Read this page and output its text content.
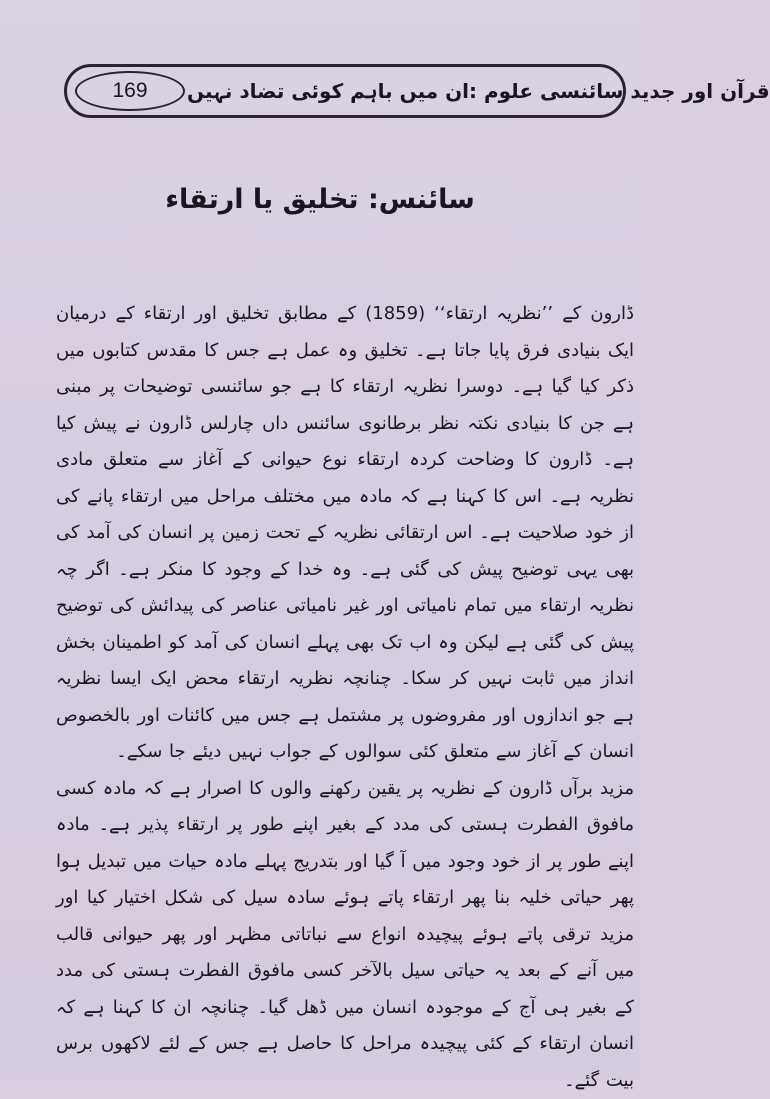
169	قرآن اور جدید سائنسی علوم :ان میں باہم کوئی تضاد نہیں
سائنس: تخلیق یا ارتقاء

ڈارون کے ’’نظریہ ارتقاء‘‘ (1859) کے مطابق تخلیق اور ارتقاء کے درمیان ایک بنیادی فرق پایا جاتا ہے۔ تخلیق وہ عمل ہے جس کا مقدس کتابوں میں ذکر کیا گیا ہے۔ دوسرا نظریہ ارتقاء کا ہے جو سائنسی توضیحات پر مبنی ہے جن کا بنیادی نکتہ نظر برطانوی سائنس داں چارلس ڈارون نے پیش کیا ہے۔ ڈارون کا وضاحت کردہ ارتقاء نوع حیوانی کے آغاز سے متعلق مادی نظریہ ہے۔ اس کا کہنا ہے کہ مادہ میں مختلف مراحل میں ارتقاء پانے کی از خود صلاحیت ہے۔ اس ارتقائی نظریہ کے تحت زمین پر انسان کی آمد کی بھی یہی توضیح پیش کی گئی ہے۔ وہ خدا کے وجود کا منکر ہے۔ اگر چہ نظریہ ارتقاء میں تمام نامیاتی اور غیر نامیاتی عناصر کی پیدائش کی توضیح پیش کی گئی ہے لیکن وہ اب تک بھی پہلے انسان کی آمد کو اطمینان بخش انداز میں ثابت نہیں کر سکا۔ چنانچہ نظریہ ارتقاء محض ایک ایسا نظریہ ہے جو اندازوں اور مفروضوں پر مشتمل ہے جس میں کائنات اور بالخصوص انسان کے آغاز سے متعلق کئی سوالوں کے جواب نہیں دیئے جا سکے۔

مزید برآں ڈارون کے نظریہ پر یقین رکھنے والوں کا اصرار ہے کہ مادہ کسی مافوق الفطرت ہستی کی مدد کے بغیر اپنے طور پر ارتقاء پذیر ہے۔ مادہ اپنے طور پر از خود وجود میں آ گیا اور بتدریج پہلے مادہ حیات میں تبدیل ہوا پھر حیاتی خلیہ بنا پھر ارتقاء پاتے ہوئے سادہ سیل کی شکل اختیار کیا اور مزید ترقی پاتے ہوئے پیچیدہ انواع سے نباتاتی مظہر اور پھر حیوانی قالب میں آنے کے بعد یہ حیاتی سیل بالآخر کسی مافوق الفطرت ہستی کی مدد کے بغیر ہی آج کے موجودہ انسان میں ڈھل گیا۔ چنانچہ ان کا کہنا ہے کہ انسان ارتقاء کے کئی پیچیدہ مراحل کا حاصل ہے جس کے لئے لاکھوں برس بیت گئے۔
